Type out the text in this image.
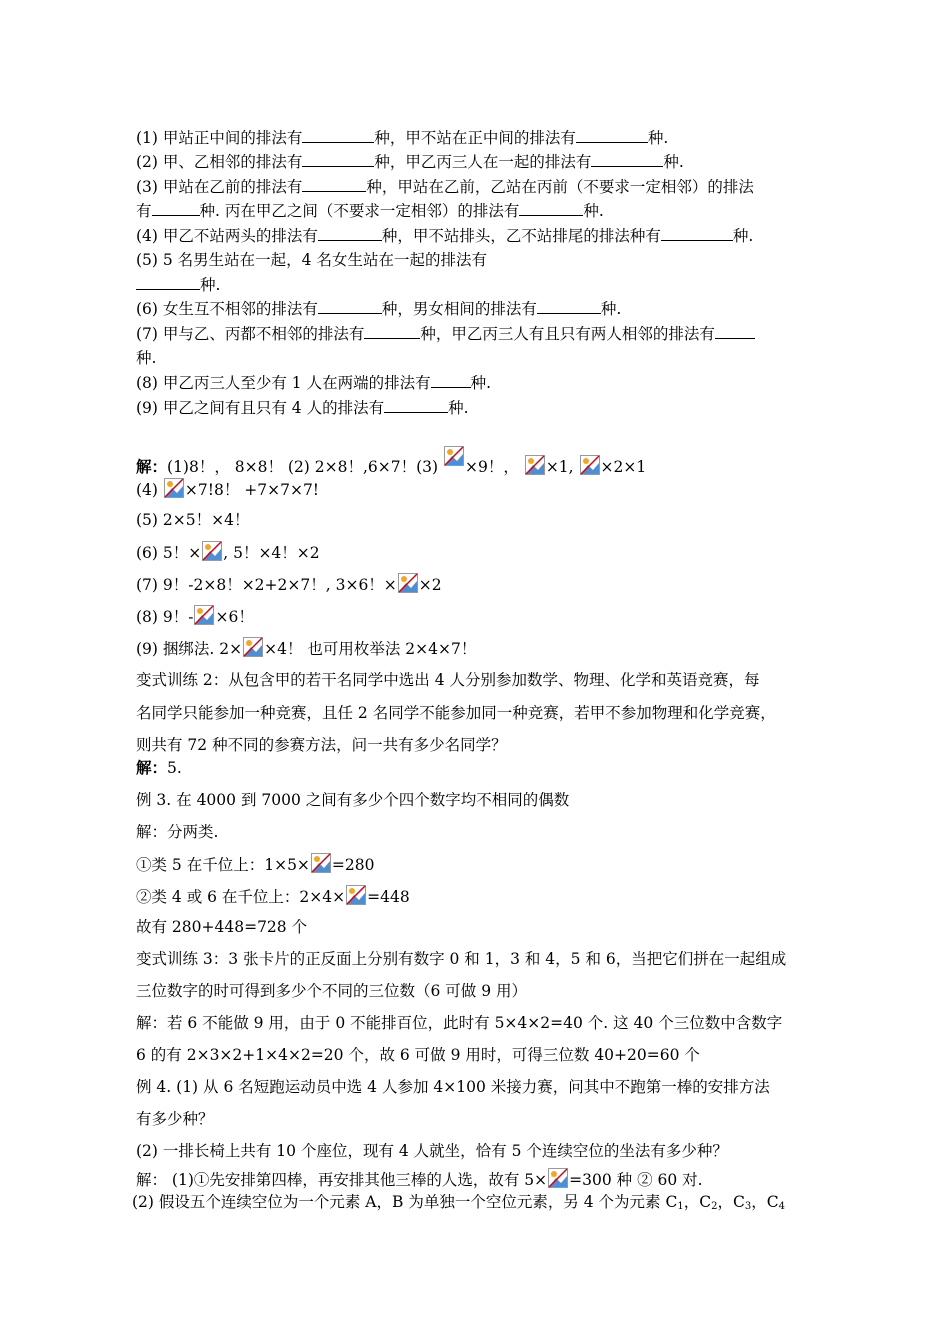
(1) 甲站正中间的排法有	种，甲不站在正中间的排法有	种.
(2) 甲、乙相邻的排法有	种，甲乙丙三人在一起的排法有	种.
(3) 甲站在乙前的排法有	种，甲站在乙前，乙站在丙前（不要求一定相邻）的排法
有	种. 丙在甲乙之间（不要求一定相邻）的排法有	种.
(4) 甲乙不站两头的排法有	种，甲不站排头，乙不站排尾的排法种有	种.
(5) 5 名男生站在一起，4 名女生站在一起的排法有
种.
(6) 女生互不相邻的排法有	种，男女相间的排法有	种.
(7) 甲与乙、丙都不相邻的排法有	种，甲乙丙三人有且只有两人相邻的排法有
种.
(8) 甲乙丙三人至少有 1 人在两端的排法有	种.
(9) 甲乙之间有且只有 4 人的排法有	种.
解：(1)8！， 8×8！ (2) 2×8！,6×7！(3)
×9！， ×1, ×2×1
(4)
×7!8！ +7×7×7!
(5) 2×5！×4！
(6) 5！× , 5！×4！×2
(7) 9！-2×8！×2+2×7！, 3×6！× ×2
(8) 9！- ×6！
(9) 捆绑法. 2× ×4！ 也可用枚举法 2×4×7！
变式训练 2：从包含甲的若干名同学中选出 4 人分别参加数学、物理、化学和英语竞赛，每
名同学只能参加一种竞赛，且任 2 名同学不能参加同一种竞赛，若甲不参加物理和化学竞赛，
则共有 72 种不同的参赛方法，问一共有多少名同学？
解：5.
例 3. 在 4000 到 7000 之间有多少个四个数字均不相同的偶数
解：分两类.
①类 5 在千位上：1×5× =280
②类 4 或 6 在千位上：2×4× =448
故有 280+448=728 个
变式训练 3：3 张卡片的正反面上分别有数字 0 和 1，3 和 4，5 和 6，当把它们拼在一起组成
三位数字的时可得到多少个不同的三位数（6 可做 9 用）
解：若 6 不能做 9 用，由于 0 不能排百位，此时有 5×4×2=40 个. 这 40 个三位数中含数字
6 的有 2×3×2+1×4×2=20 个，故 6 可做 9 用时，可得三位数 40+20=60 个
例 4. (1) 从 6 名短跑运动员中选 4 人参加 4×100 米接力赛，问其中不跑第一棒的安排方法
有多少种？
(2) 一排长椅上共有 10 个座位，现有 4 人就坐，恰有 5 个连续空位的坐法有多少种？
解： (1)①先安排第四棒，再安排其他三棒的人选，故有 5× =300 种 ② 60 对.
(2) 假设五个连续空位为一个元素 A，B 为单独一个空位元素，另 4 个为元素 $C_1$，$C_2$，$C_3$，$C_4$
